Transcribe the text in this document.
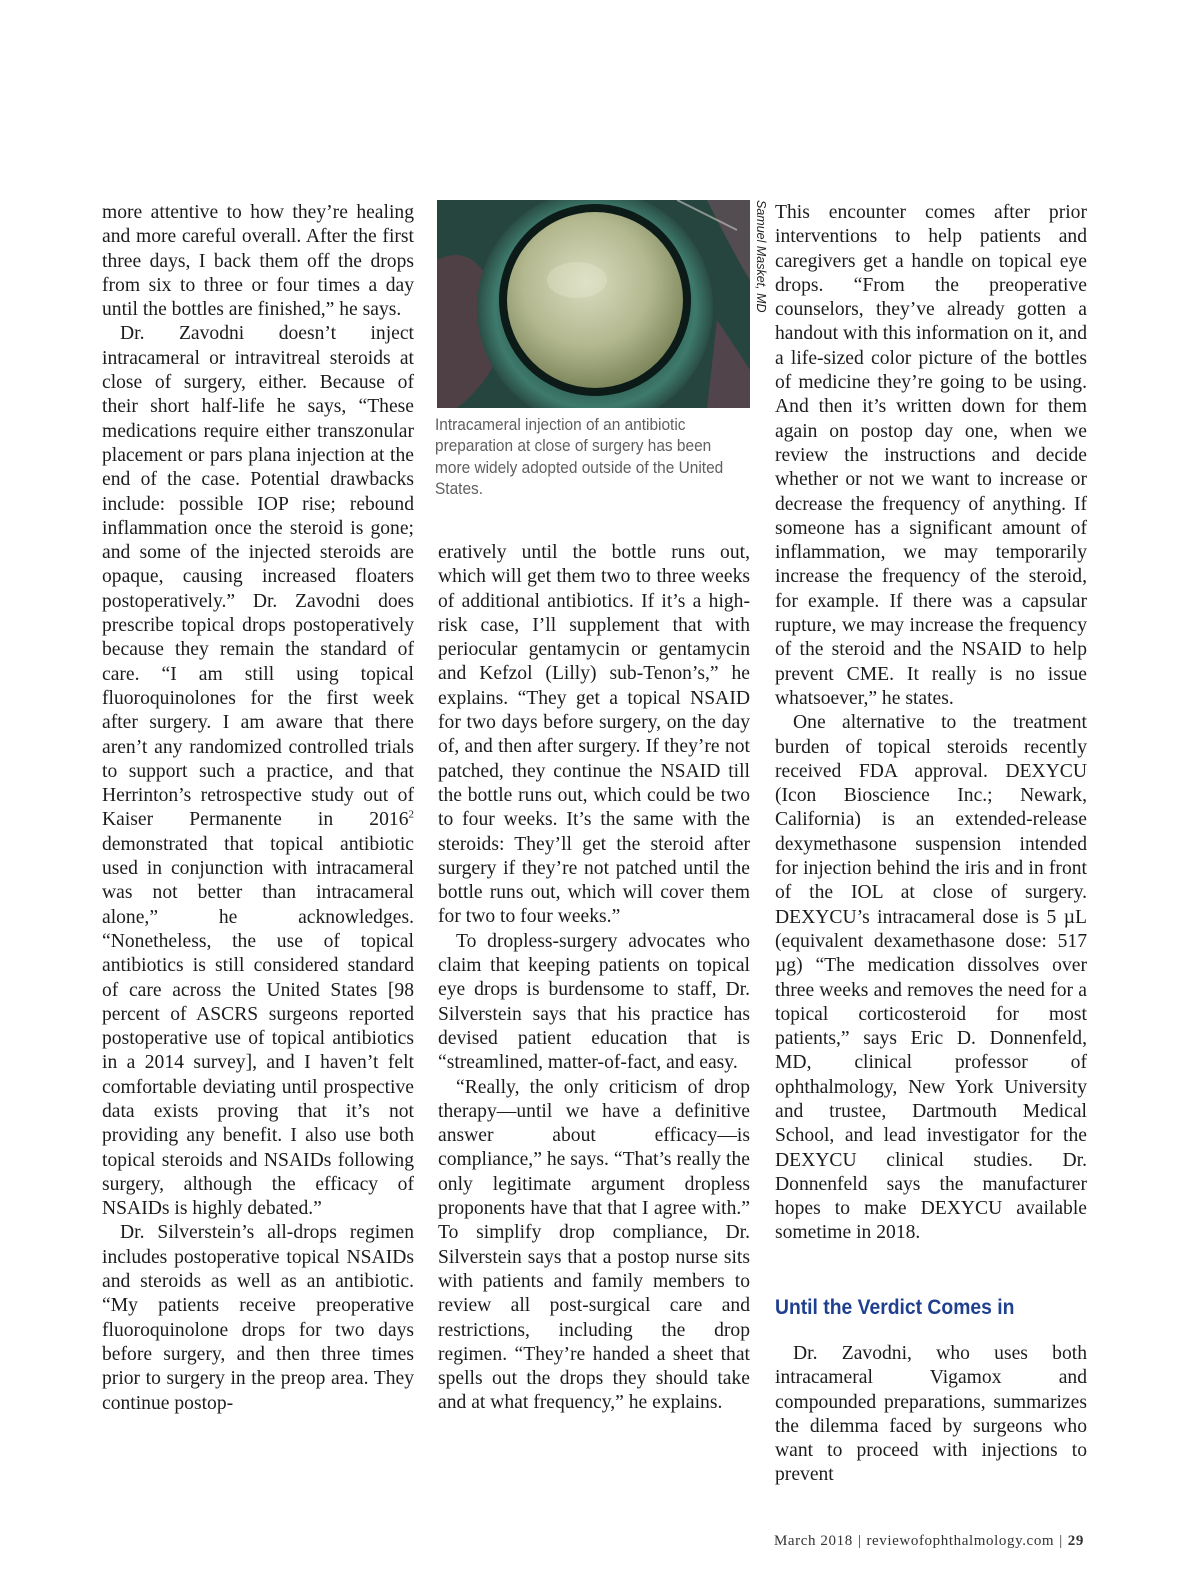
more attentive to how they’re healing and more careful overall. After the first three days, I back them off the drops from six to three or four times a day until the bottles are finished,” he says.

Dr. Zavodni doesn’t inject intracameral or intravitreal steroids at close of surgery, either. Because of their short half-life he says, “These medications require either transzonular placement or pars plana injection at the end of the case. Potential drawbacks include: possible IOP rise; rebound inflammation once the steroid is gone; and some of the injected steroids are opaque, causing increased floaters postoperatively.” Dr. Zavodni does prescribe topical drops postoperatively because they remain the standard of care. “I am still using topical fluoroquinolones for the first week after surgery. I am aware that there aren’t any randomized controlled trials to support such a practice, and that Herrinton’s retrospective study out of Kaiser Permanente in 2016$^2$ demonstrated that topical antibiotic used in conjunction with intracameral was not better than intracameral alone,” he acknowledges. “Nonetheless, the use of topical antibiotics is still considered standard of care across the United States [98 percent of ASCRS surgeons reported postoperative use of topical antibiotics in a 2014 survey], and I haven’t felt comfortable deviating until prospective data exists proving that it’s not providing any benefit. I also use both topical steroids and NSAIDs following surgery, although the efficacy of NSAIDs is highly debated.”

Dr. Silverstein’s all-drops regimen includes postoperative topical NSAIDs and steroids as well as an antibiotic. “My patients receive preoperative fluoroquinolone drops for two days before surgery, and then three times prior to surgery in the preop area. They continue postop-

Samuel Masket, MD
Intracameral injection of an antibiotic preparation at close of surgery has been more widely adopted outside of the United States.

eratively until the bottle runs out, which will get them two to three weeks of additional antibiotics. If it’s a high-risk case, I’ll supplement that with periocular gentamycin or gentamycin and Kefzol (Lilly) sub-Tenon’s,” he explains. “They get a topical NSAID for two days before surgery, on the day of, and then after surgery. If they’re not patched, they continue the NSAID till the bottle runs out, which could be two to four weeks. It’s the same with the steroids: They’ll get the steroid after surgery if they’re not patched until the bottle runs out, which will cover them for two to four weeks.”

To dropless-surgery advocates who claim that keeping patients on topical eye drops is burdensome to staff, Dr. Silverstein says that his practice has devised patient education that is “streamlined, matter-of-fact, and easy.

“Really, the only criticism of drop therapy—until we have a definitive answer about efficacy—is compliance,” he says. “That’s really the only legitimate argument dropless proponents have that that I agree with.” To simplify drop compliance, Dr. Silverstein says that a postop nurse sits with patients and family members to review all post-surgical care and restrictions, including the drop regimen. “They’re handed a sheet that spells out the drops they should take and at what frequency,” he explains.

This encounter comes after prior interventions to help patients and caregivers get a handle on topical eye drops. “From the preoperative counselors, they’ve already gotten a handout with this information on it, and a life-sized color picture of the bottles of medicine they’re going to be using. And then it’s written down for them again on postop day one, when we review the instructions and decide whether or not we want to increase or decrease the frequency of anything. If someone has a significant amount of inflammation, we may temporarily increase the frequency of the steroid, for example. If there was a capsular rupture, we may increase the frequency of the steroid and the NSAID to help prevent CME. It really is no issue whatsoever,” he states.

One alternative to the treatment burden of topical steroids recently received FDA approval. DEXYCU (Icon Bioscience Inc.; Newark, California) is an extended-release dexymethasone suspension intended for injection behind the iris and in front of the IOL at close of surgery. DEXYCU’s intracameral dose is 5 µL (equivalent dexamethasone dose: 517 µg) “The medication dissolves over three weeks and removes the need for a topical corticosteroid for most patients,” says Eric D. Donnenfeld, MD, clinical professor of ophthalmology, New York University and trustee, Dartmouth Medical School, and lead investigator for the DEXYCU clinical studies. Dr. Donnenfeld says the manufacturer hopes to make DEXYCU available sometime in 2018.

Until the Verdict Comes in

Dr. Zavodni, who uses both intracameral Vigamox and compounded preparations, summarizes the dilemma faced by surgeons who want to proceed with injections to prevent

March 2018 | reviewofophthalmology.com | 29
